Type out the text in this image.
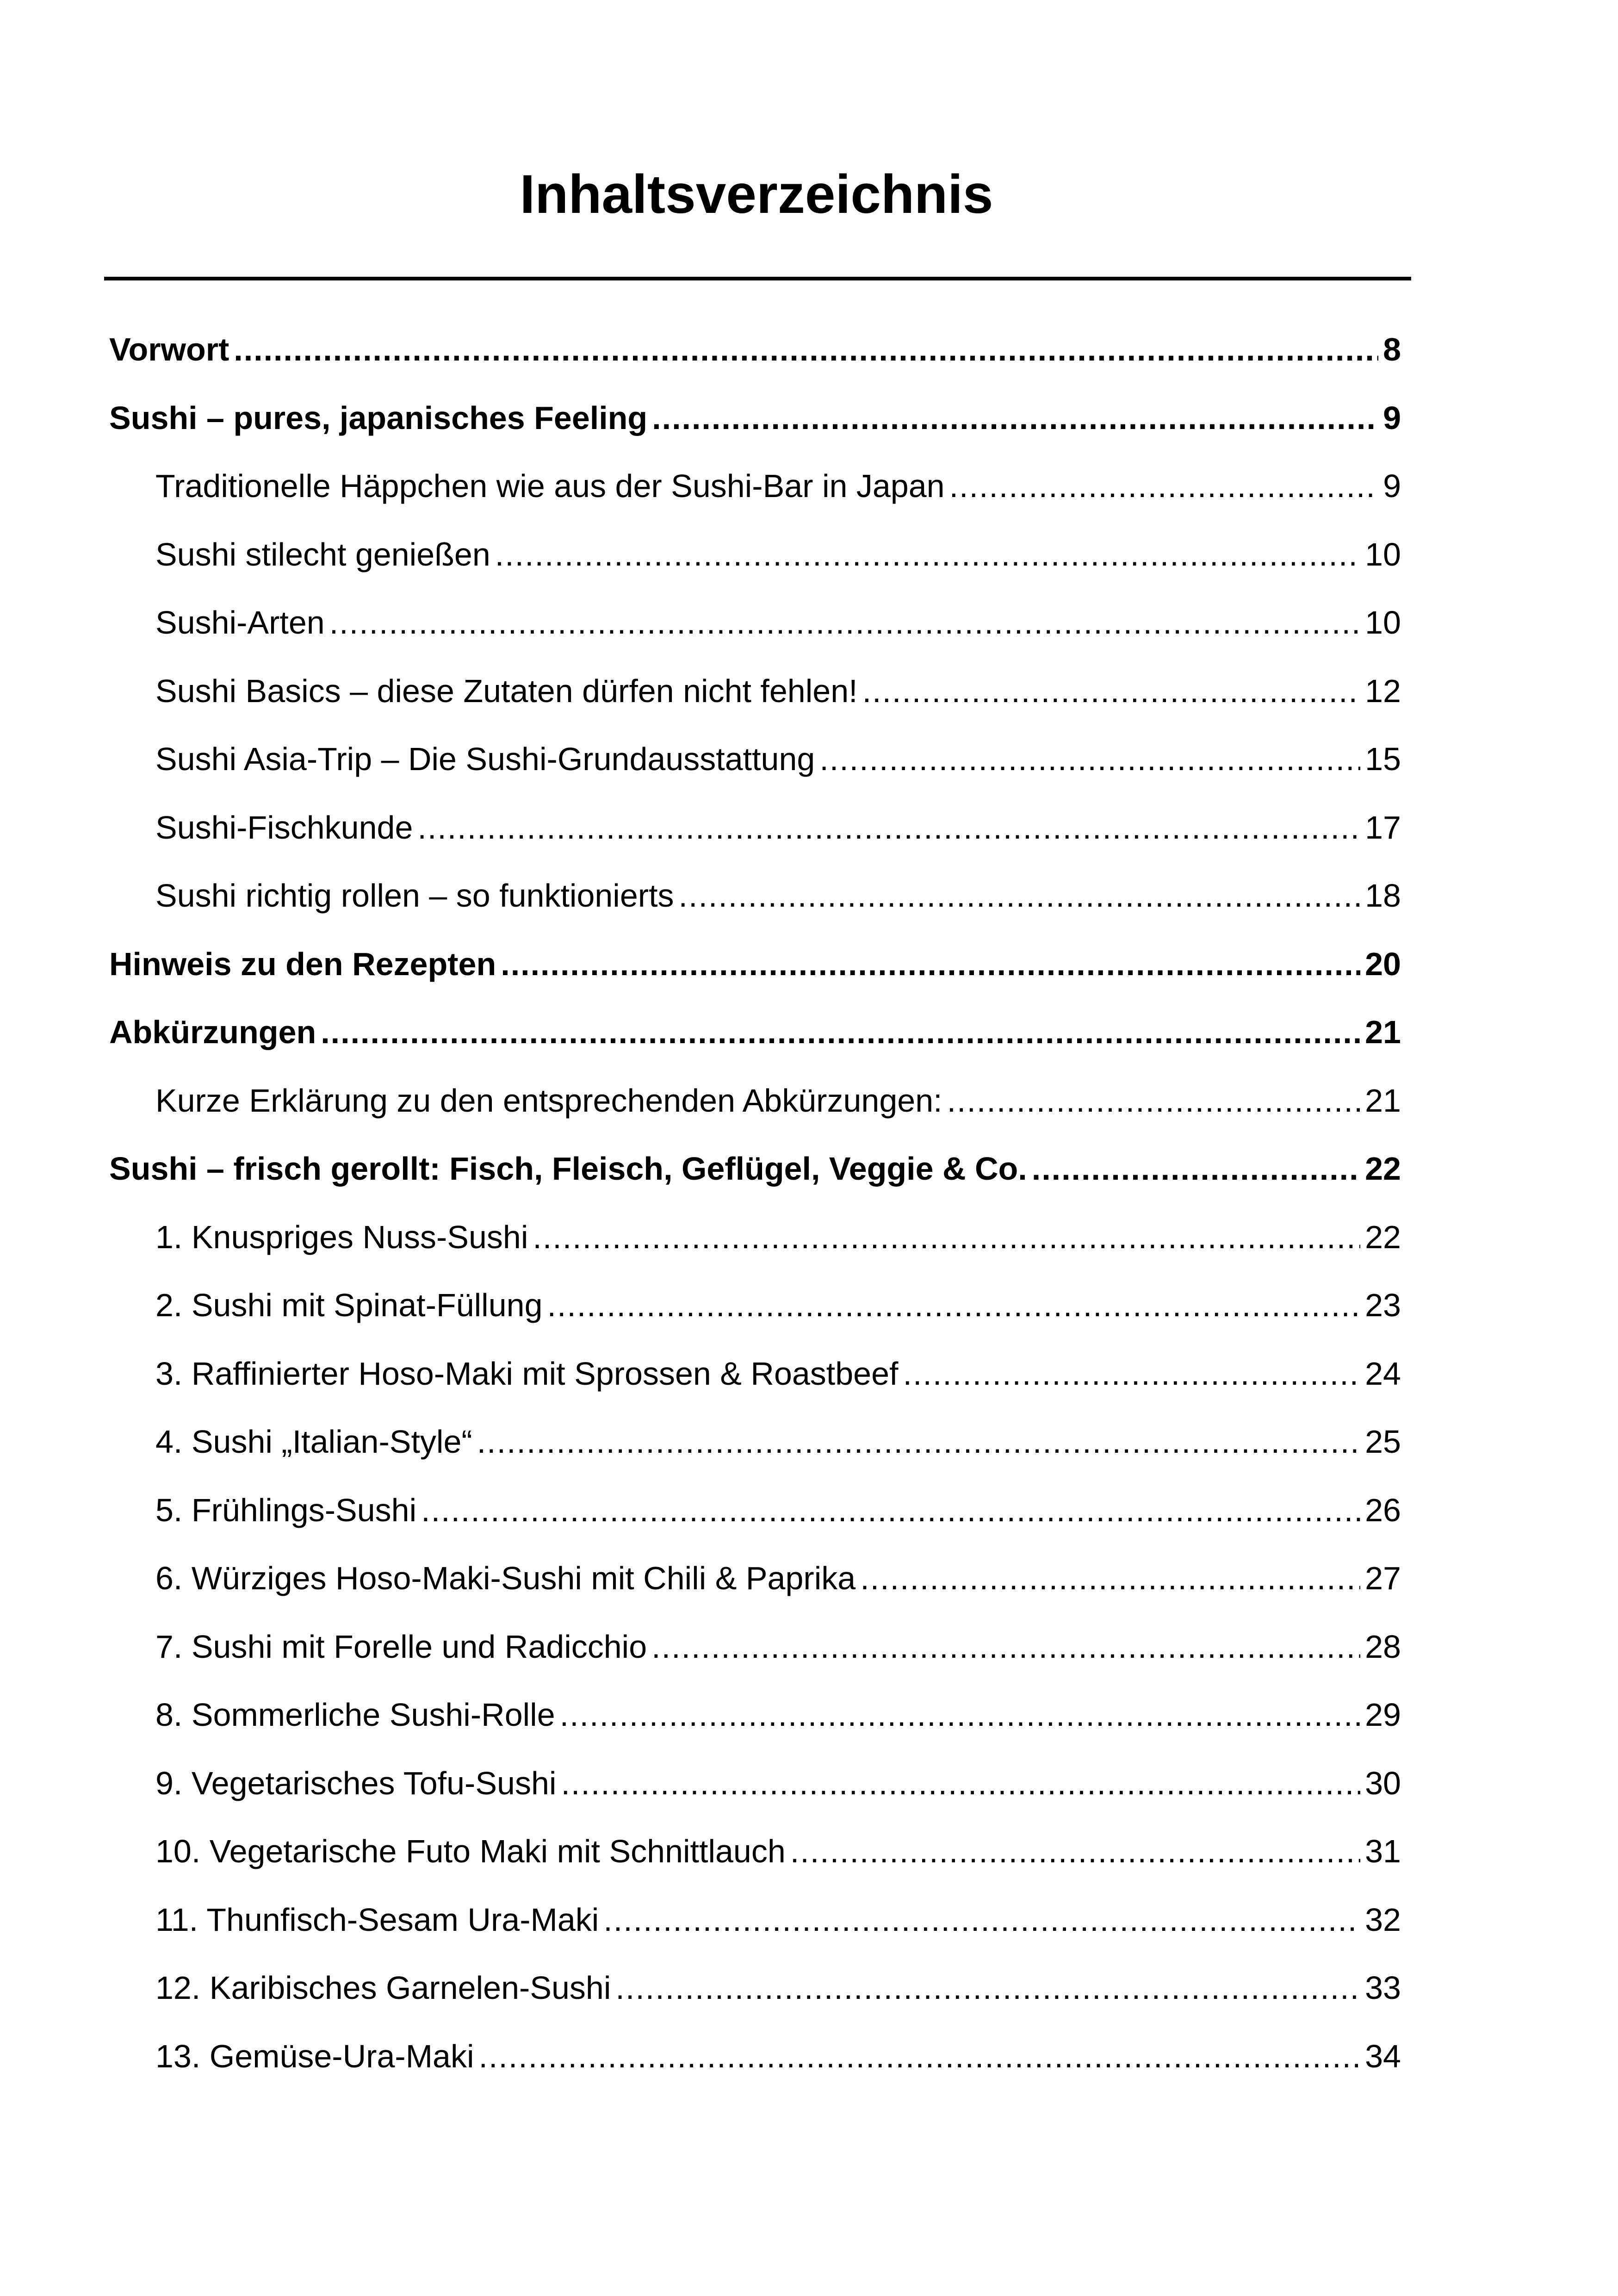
Inhaltsverzeichnis
Vorwort .....	8
Sushi – pures, japanisches Feeling .....	9
Traditionelle Häppchen wie aus der Sushi-Bar in Japan .....	9
Sushi stilecht genießen .....	10
Sushi-Arten .....	10
Sushi Basics – diese Zutaten dürfen nicht fehlen! .....	12
Sushi Asia-Trip – Die Sushi-Grundausstattung .....	15
Sushi-Fischkunde .....	17
Sushi richtig rollen – so funktionierts .....	18
Hinweis zu den Rezepten .....	20
Abkürzungen .....	21
Kurze Erklärung zu den entsprechenden Abkürzungen: .....	21
Sushi – frisch gerollt: Fisch, Fleisch, Geflügel, Veggie & Co. .....	22
1. Knuspriges Nuss-Sushi .....	22
2. Sushi mit Spinat-Füllung .....	23
3. Raffinierter Hoso-Maki mit Sprossen & Roastbeef .....	24
4. Sushi „Italian-Style“ .....	25
5. Frühlings-Sushi .....	26
6. Würziges Hoso-Maki-Sushi mit Chili & Paprika .....	27
7. Sushi mit Forelle und Radicchio .....	28
8. Sommerliche Sushi-Rolle .....	29
9. Vegetarisches Tofu-Sushi .....	30
10. Vegetarische Futo Maki mit Schnittlauch .....	31
11. Thunfisch-Sesam Ura-Maki .....	32
12. Karibisches Garnelen-Sushi .....	33
13. Gemüse-Ura-Maki .....	34
